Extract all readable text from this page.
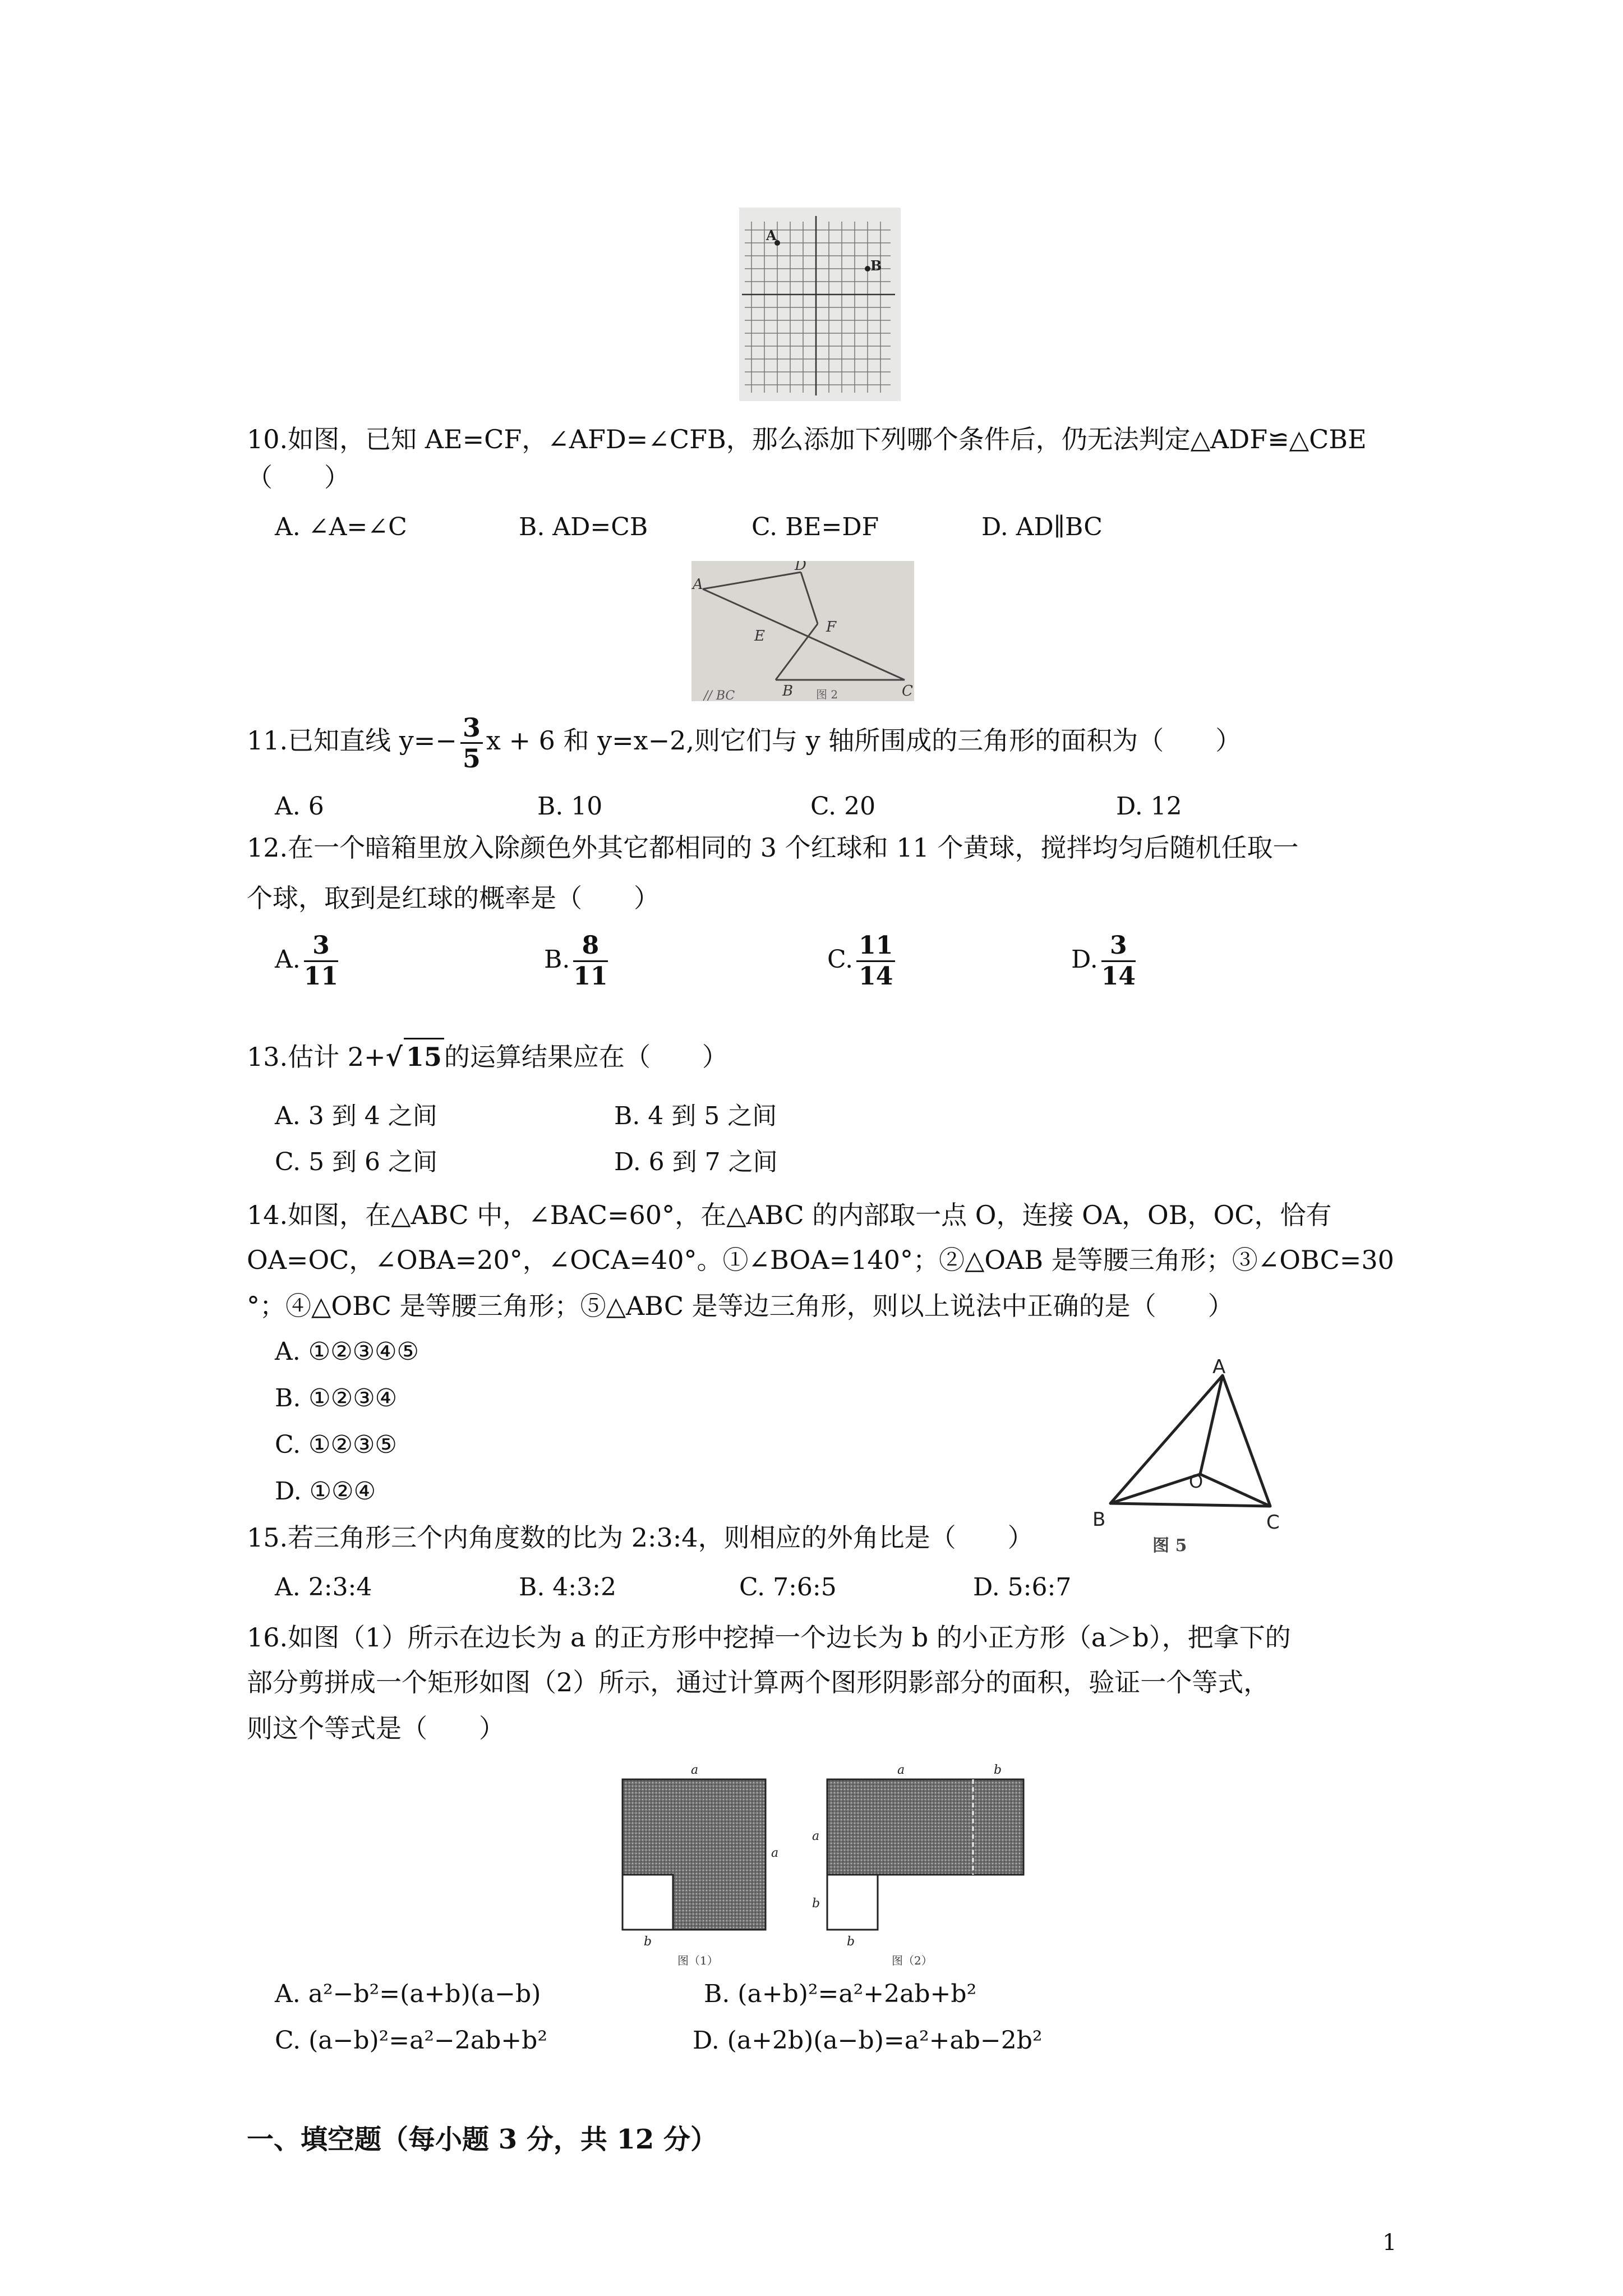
A
B
10.如图，已知 AE=CF，∠AFD=∠CFB，那么添加下列哪个条件后，仍无法判定△ADF≌△CBE
（　　）
A. ∠A=∠C	B. AD=CB	C. BE=DF	D. AD∥BC
A
D
E
F
B	C
// BC	图 2
11.已知直线 $y=- \frac{3}{5}$ x + 6 和 y=x−2,则它们与 y 轴所围成的三角形的面积为（　　）
A. 6	B. 10	C. 20	D. 12
12.在一个暗箱里放入除颜色外其它都相同的 3 个红球和 11 个黄球，搅拌均匀后随机任取一
个球，取到是红球的概率是（　　）
A. $\frac{3}{11}$	B. $\frac{8}{11}$	C. $\frac{11}{14}$	D. $\frac{3}{14}$
13.估计 2+√ 15的运算结果应在（　　）
A. 3 到 4 之间	B. 4 到 5 之间
C. 5 到 6 之间	D. 6 到 7 之间
14.如图，在△ABC 中，∠BAC=60°，在△ABC 的内部取一点 O，连接 OA，OB，OC，恰有
OA=OC，∠OBA=20°，∠OCA=40°。①∠BOA=140°；②△OAB 是等腰三角形；③∠OBC=30
°；④△OBC 是等腰三角形；⑤△ABC 是等边三角形，则以上说法中正确的是（　　）
A. ①②③④⑤
B. ①②③④
C. ①②③⑤
D. ①②④
A
B	C
O
图 5
15.若三角形三个内角度数的比为 2:3:4，则相应的外角比是（　　）
A. 2:3:4	B. 4:3:2	C. 7:6:5	D. 5:6:7
16.如图（1）所示在边长为 a 的正方形中挖掉一个边长为 b 的小正方形（a＞b），把拿下的
部分剪拼成一个矩形如图（2）所示，通过计算两个图形阴影部分的面积，验证一个等式，
则这个等式是（　　）
a
a
b
图（1）
a	b
a
b
b
图（2）
A. a²−b²=(a+b)(a−b)	B. (a+b)²=a²+2ab+b²
C. (a−b)²=a²−2ab+b²	D. (a+2b)(a−b)=a²+ab−2b²
一、填空题（每小题 3 分，共 12 分）
1
